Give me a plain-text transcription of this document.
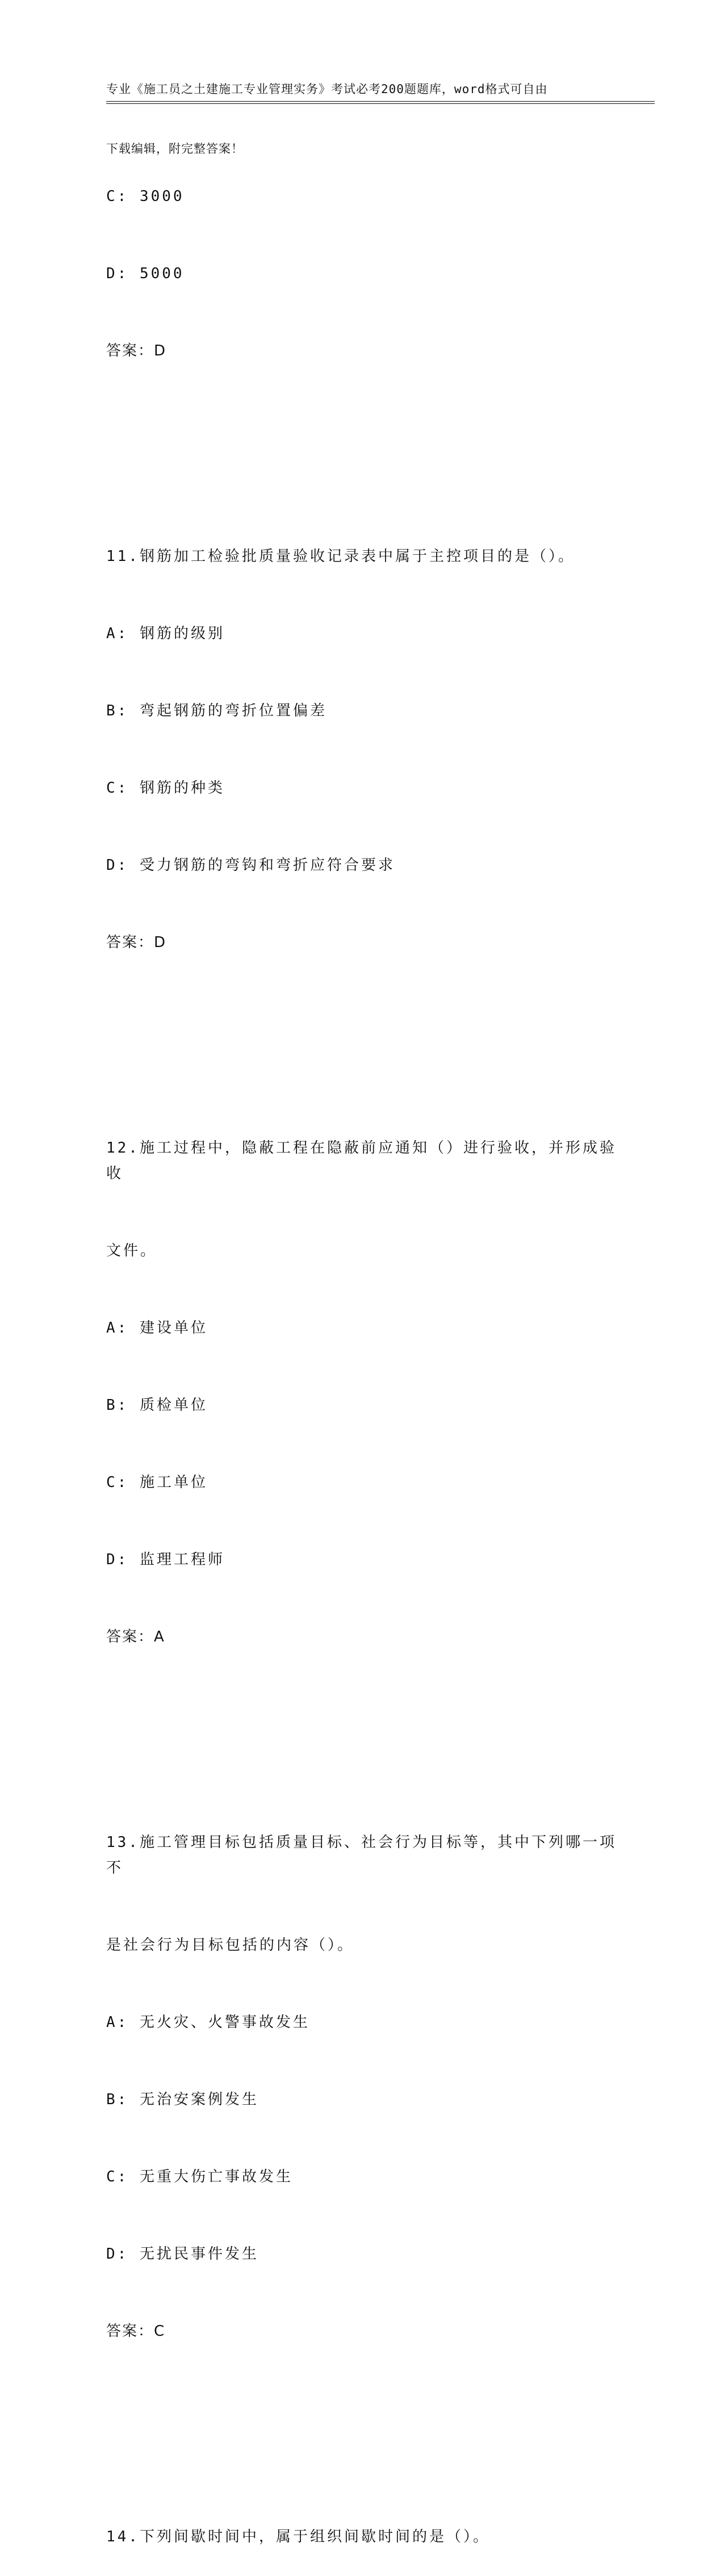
专业《施工员之土建施工专业管理实务》考试必考200题题库，word格式可自由

下载编辑，附完整答案！

C: 3000

D: 5000

答案：D

11.钢筋加工检验批质量验收记录表中属于主控项目的是（）。

A: 钢筋的级别

B: 弯起钢筋的弯折位置偏差

C: 钢筋的种类

D: 受力钢筋的弯钩和弯折应符合要求

答案：D

12.施工过程中，隐蔽工程在隐蔽前应通知（）进行验收，并形成验收

文件。

A: 建设单位

B: 质检单位

C: 施工单位

D: 监理工程师

答案：A

13.施工管理目标包括质量目标、社会行为目标等，其中下列哪一项不

是社会行为目标包括的内容（）。

A: 无火灾、火警事故发生

B: 无治安案例发生

C: 无重大伤亡事故发生

D: 无扰民事件发生

答案：C

14.下列间歇时间中，属于组织间歇时间的是（）。
